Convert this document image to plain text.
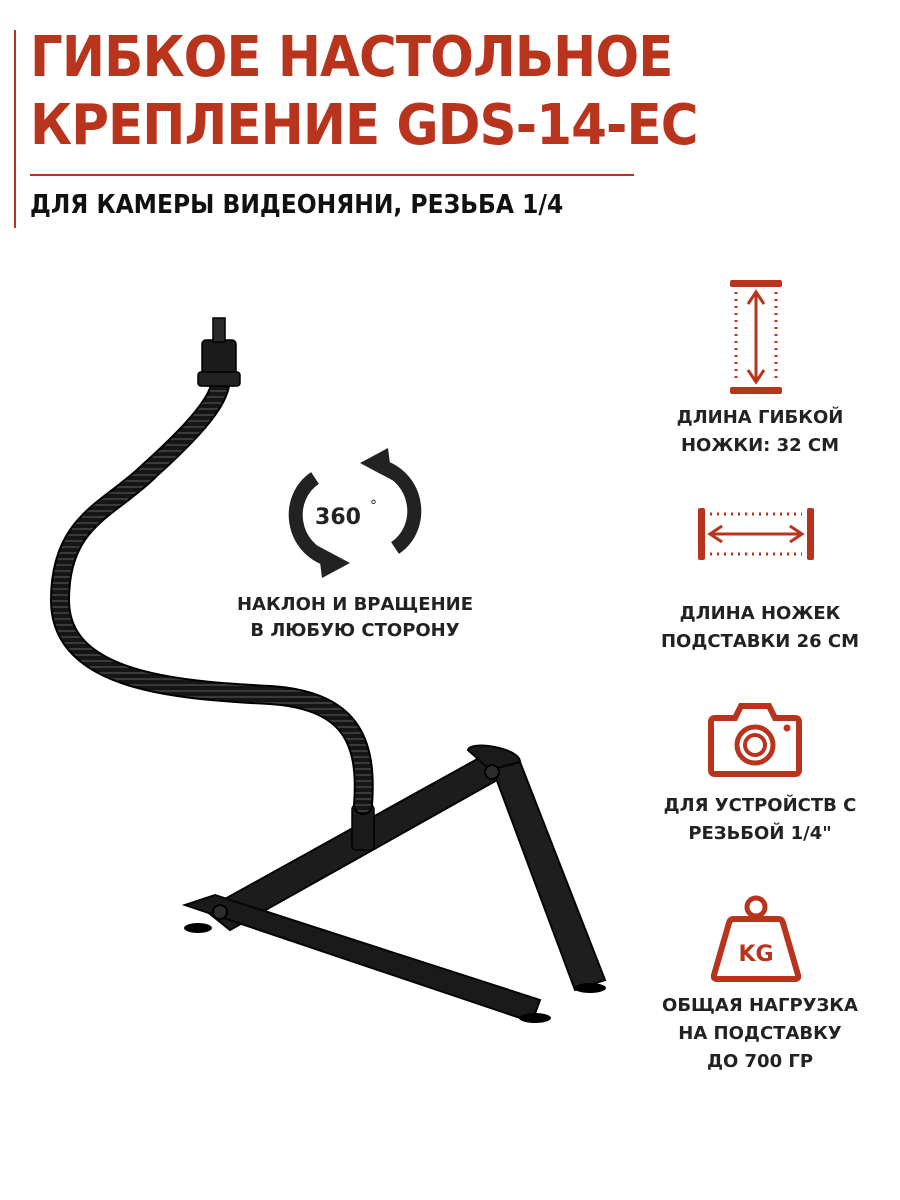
ГИБКОЕ НАСТОЛЬНОЕ
КРЕПЛЕНИЕ GDS-14-EC
ДЛЯ КАМЕРЫ ВИДЕОНЯНИ, РЕЗЬБА 1/4
360 °
НАКЛОН И ВРАЩЕНИЕ
В ЛЮБУЮ СТОРОНУ
ДЛИНА ГИБКОЙ
НОЖКИ: 32 СМ
ДЛИНА НОЖЕК
ПОДСТАВКИ 26 СМ
ДЛЯ УСТРОЙСТВ С
РЕЗЬБОЙ 1/4"
KG
ОБЩАЯ НАГРУЗКА
НА ПОДСТАВКУ
ДО 700 ГР
